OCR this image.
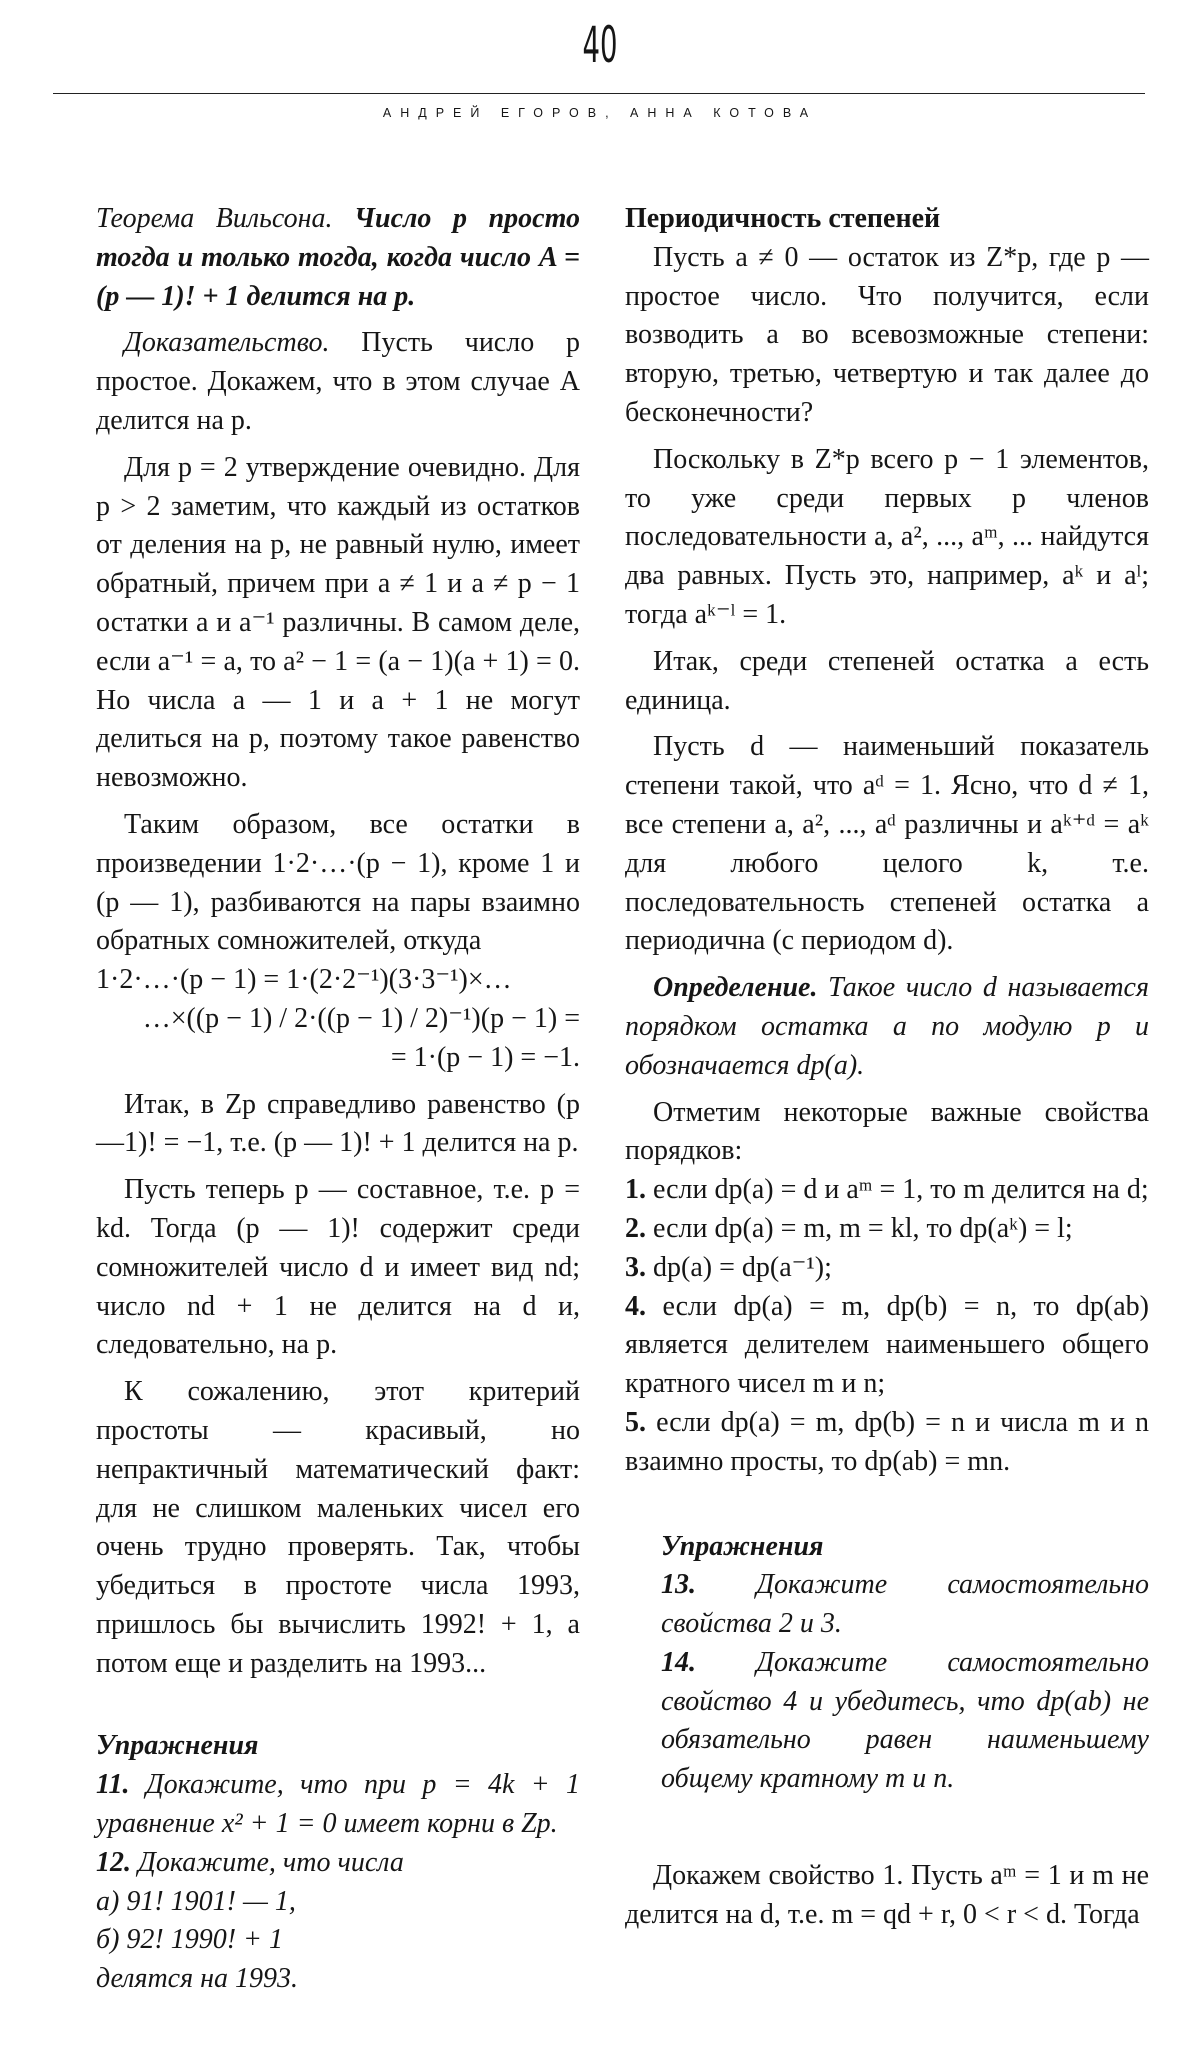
40
АНДРЕЙ ЕГОРОВ, АННА КОТОВА

Теорема Вильсона. Число p просто тогда и только тогда, когда число A = (p — 1)! + 1 делится на p.

Доказательство. Пусть число p простое. Докажем, что в этом случае A делится на p.

Для p = 2 утверждение очевидно. Для p > 2 заметим, что каждый из остатков от деления на p, не равный нулю, имеет обратный, причем при a ≠ 1 и a ≠ p − 1 остатки a и a⁻¹ различны. В самом деле, если a⁻¹ = a, то a² − 1 = (a − 1)(a + 1) = 0. Но числа a — 1 и a + 1 не могут делиться на p, поэтому такое равенство невозможно.

Таким образом, все остатки в произведении 1·2·…·(p − 1), кроме 1 и (p — 1), разбиваются на пары взаимно обратных сомножителей, откуда

1·2·…·(p − 1) = 1·(2·2⁻¹)(3·3⁻¹)×…

…×((p − 1) / 2·((p − 1) / 2)⁻¹)(p − 1) =

= 1·(p − 1) = −1.

Итак, в Zp справедливо равенство (p —1)! = −1, т.е. (p — 1)! + 1 делится на p.

Пусть теперь p — составное, т.е. p = kd. Тогда (p — 1)! содержит среди сомножителей число d и имеет вид nd; число nd + 1 не делится на d и, следовательно, на p.

К сожалению, этот критерий простоты — красивый, но непрактичный математический факт: для не слишком маленьких чисел его очень трудно проверять. Так, чтобы убедиться в простоте числа 1993, пришлось бы вычислить 1992! + 1, а потом еще и разделить на 1993...

Упражнения

11. Докажите, что при p = 4k + 1 уравнение x² + 1 = 0 имеет корни в Zp.

12. Докажите, что числа

а) 91! 1901! — 1,

б) 92! 1990! + 1

делятся на 1993.

Периодичность степеней

Пусть a ≠ 0 — остаток из Z*p, где p — простое число. Что получится, если возводить a во всевозможные степени: вторую, третью, четвертую и так далее до бесконечности?

Поскольку в Z*p всего p − 1 элементов, то уже среди первых p членов последовательности a, a², ..., aᵐ, ... найдутся два равных. Пусть это, например, aᵏ и aˡ; тогда aᵏ⁻ˡ = 1.

Итак, среди степеней остатка a есть единица.

Пусть d — наименьший показатель степени такой, что aᵈ = 1. Ясно, что d ≠ 1, все степени a, a², ..., aᵈ различны и aᵏ⁺ᵈ = aᵏ для любого целого k, т.е. последовательность степеней остатка a периодична (с периодом d).

Определение. Такое число d называется порядком остатка a по модулю p и обозначается dp(a).

Отметим некоторые важные свойства порядков:

1. если dp(a) = d и aᵐ = 1, то m делится на d;

2. если dp(a) = m, m = kl, то dp(aᵏ) = l;

3. dp(a) = dp(a⁻¹);

4. если dp(a) = m, dp(b) = n, то dp(ab) является делителем наименьшего общего кратного чисел m и n;

5. если dp(a) = m, dp(b) = n и числа m и n взаимно просты, то dp(ab) = mn.

Упражнения

13. Докажите самостоятельно свойства 2 и 3.

14. Докажите самостоятельно свойство 4 и убедитесь, что dp(ab) не обязательно равен наименьшему общему кратному m и n.

Докажем свойство 1. Пусть aᵐ = 1 и m не делится на d, т.е. m = qd + r, 0 < r < d. Тогда
